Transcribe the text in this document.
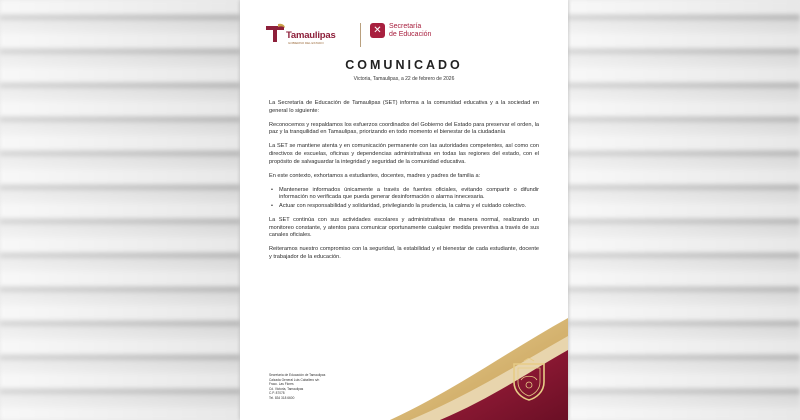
Tamaulipas
GOBIERNO DEL ESTADO
✕	Secretaría
de Educación
COMUNICADO
Victoria, Tamaulipas, a 22 de febrero de 2026

La Secretaría de Educación de Tamaulipas (SET) informa a la comunidad educativa y a la sociedad en general lo siguiente:

Reconocemos y respaldamos los esfuerzos coordinados del Gobierno del Estado para preservar el orden, la paz y la tranquilidad en Tamaulipas, priorizando en todo momento el bienestar de la ciudadanía

La SET se mantiene atenta y en comunicación permanente con las autoridades competentes, así como con directivos de escuelas, oficinas y dependencias administrativas en todas las regiones del estado, con el propósito de salvaguardar la integridad y seguridad de la comunidad educativa.

En este contexto, exhortamos a estudiantes, docentes, madres y padres de familia a:

• Mantenerse informados únicamente a través de fuentes oficiales, evitando compartir o difundir información no verificada que pueda generar desinformación o alarma innecesaria.
• Actuar con responsabilidad y solidaridad, privilegiando la prudencia, la calma y el cuidado colectivo.

La SET continúa con sus actividades escolares y administrativas de manera normal, realizando un monitoreo constante, y atentos para comunicar oportunamente cualquier medida preventiva a través de sus canales oficiales.

Reiteramos nuestro compromiso con la seguridad, la estabilidad y el bienestar de cada estudiante, docente y trabajador de la educación.

Secretaría de Educación de Tamaulipas
Calzada General Luis Caballero s/n
Fracc. Las Flores
Cd. Victoria, Tamaulipas
C.P. 87078
Tel. 834 318 6600
